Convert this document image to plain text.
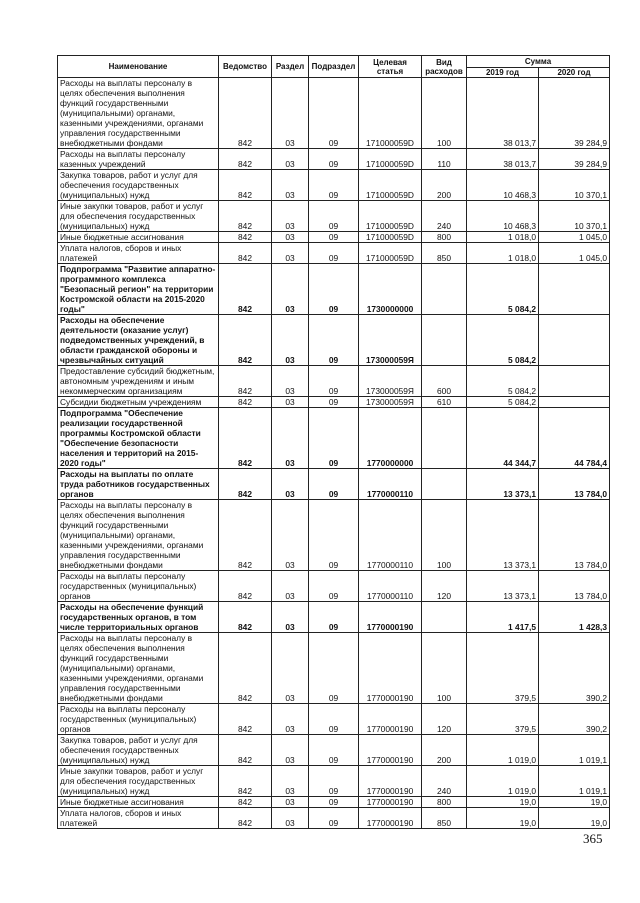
Наименование	Ведомство	Раздел	Подраздел	Целевая статья	Вид расходов	Сумма	
						2019 год	2020 год
Расходы на выплаты персоналу в целях обеспечения выполнения функций государственными (муниципальными) органами, казенными учреждениями, органами управления государственными внебюджетными фондами	842	03	09	171000059D	100	38 013,7	39 284,9
Расходы на выплаты персоналу казенных учреждений	842	03	09	171000059D	110	38 013,7	39 284,9
Закупка товаров, работ и услуг для обеспечения государственных (муниципальных) нужд	842	03	09	171000059D	200	10 468,3	10 370,1
Иные закупки товаров, работ и услуг для обеспечения государственных (муниципальных) нужд	842	03	09	171000059D	240	10 468,3	10 370,1
Иные бюджетные ассигнования	842	03	09	171000059D	800	1 018,0	1 045,0
Уплата налогов, сборов и иных платежей	842	03	09	171000059D	850	1 018,0	1 045,0
Подпрограмма "Развитие аппаратно-программного комплекса "Безопасный регион" на территории Костромской области на 2015-2020 годы"	842	03	09	1730000000		5 084,2	
Расходы на обеспечение деятельности (оказание услуг) подведомственных учреждений, в области гражданской обороны и чрезвычайных ситуаций	842	03	09	173000059Я		5 084,2	
Предоставление субсидий бюджетным, автономным учреждениям и иным некоммерческим организациям	842	03	09	173000059Я	600	5 084,2	
Субсидии бюджетным учреждениям	842	03	09	173000059Я	610	5 084,2	
Подпрограмма "Обеспечение реализации государственной программы Костромской области "Обеспечение безопасности населения и территорий на 2015-2020 годы"	842	03	09	1770000000		44 344,7	44 784,4
Расходы на выплаты по оплате труда работников государственных органов	842	03	09	1770000110		13 373,1	13 784,0
Расходы на выплаты персоналу в целях обеспечения выполнения функций государственными (муниципальными) органами, казенными учреждениями, органами управления государственными внебюджетными фондами	842	03	09	1770000110	100	13 373,1	13 784,0
Расходы на выплаты персоналу государственных (муниципальных) органов	842	03	09	1770000110	120	13 373,1	13 784,0
Расходы на обеспечение функций государственных органов, в том числе территориальных органов	842	03	09	1770000190		1 417,5	1 428,3
Расходы на выплаты персоналу в целях обеспечения выполнения функций государственными (муниципальными) органами, казенными учреждениями, органами управления государственными внебюджетными фондами	842	03	09	1770000190	100	379,5	390,2
Расходы на выплаты персоналу государственных (муниципальных) органов	842	03	09	1770000190	120	379,5	390,2
Закупка товаров, работ и услуг для обеспечения государственных (муниципальных) нужд	842	03	09	1770000190	200	1 019,0	1 019,1
Иные закупки товаров, работ и услуг для обеспечения государственных (муниципальных) нужд	842	03	09	1770000190	240	1 019,0	1 019,1
Иные бюджетные ассигнования	842	03	09	1770000190	800	19,0	19,0
Уплата налогов, сборов и иных платежей	842	03	09	1770000190	850	19,0	19,0
365
